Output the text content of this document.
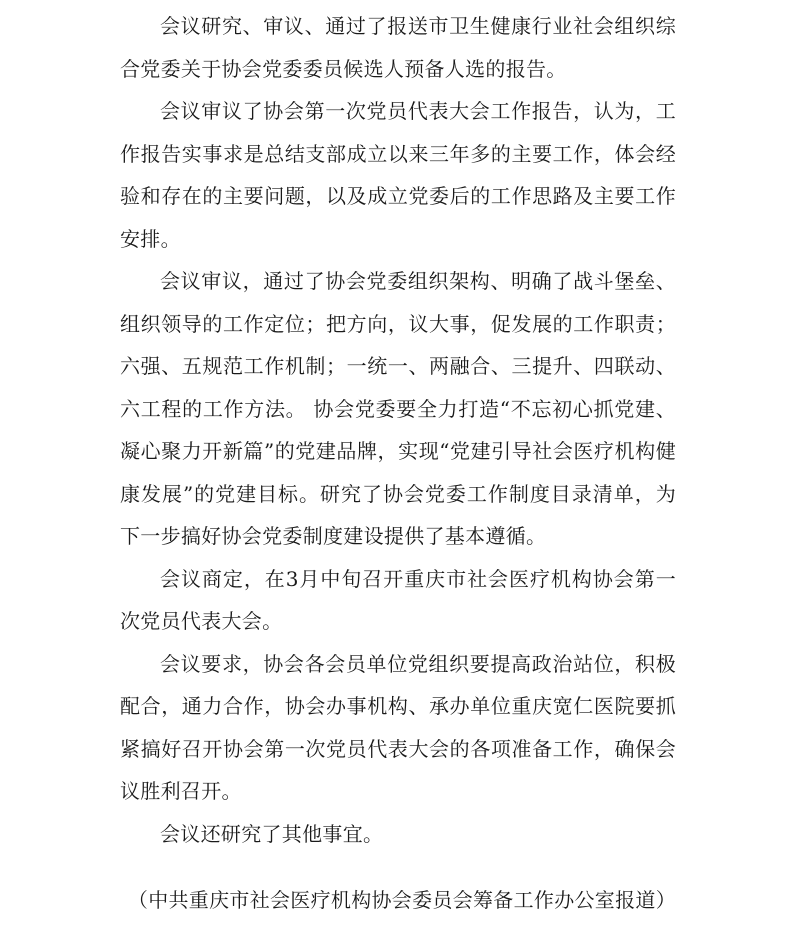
会议研究、审议、通过了报送市卫生健康行业社会组织综合党委关于协会党委委员候选人预备人选的报告。

会议审议了协会第一次党员代表大会工作报告，认为，工作报告实事求是总结支部成立以来三年多的主要工作，体会经验和存在的主要问题，以及成立党委后的工作思路及主要工作安排。

会议审议，通过了协会党委组织架构、明确了战斗堡垒、组织领导的工作定位；把方向，议大事，促发展的工作职责；六强、五规范工作机制；一统一、两融合、三提升、四联动、六工程的工作方法。 协会党委要全力打造“不忘初心抓党建、凝心聚力开新篇”的党建品牌，实现“党建引导社会医疗机构健康发展”的党建目标。研究了协会党委工作制度目录清单，为下一步搞好协会党委制度建设提供了基本遵循。

会议商定，在3月中旬召开重庆市社会医疗机构协会第一次党员代表大会。

会议要求，协会各会员单位党组织要提高政治站位，积极配合，通力合作，协会办事机构、承办单位重庆宽仁医院要抓紧搞好召开协会第一次党员代表大会的各项准备工作，确保会议胜利召开。

会议还研究了其他事宜。

（中共重庆市社会医疗机构协会委员会筹备工作办公室报道）
